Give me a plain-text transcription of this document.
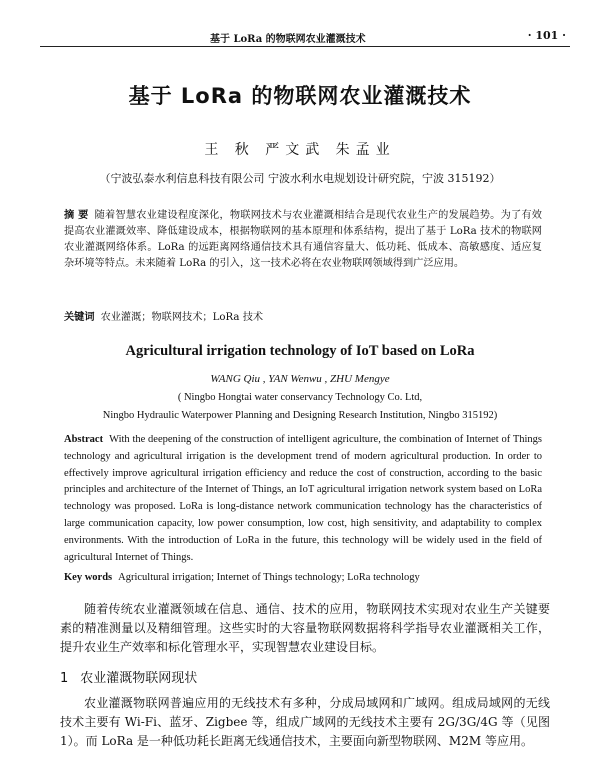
基于 LoRa 的物联网农业灌溉技术	· 101 ·
基于 LoRa 的物联网农业灌溉技术
王 秋 严文武 朱孟业
（宁波弘泰水利信息科技有限公司 宁波水利水电规划设计研究院，宁波 315192）
摘 要 随着智慧农业建设程度深化，物联网技术与农业灌溉相结合是现代农业生产的发展趋势。为了有效提高农业灌溉效率、降低建设成本，根据物联网的基本原理和体系结构，提出了基于 LoRa 技术的物联网农业灌溉网络体系。LoRa 的远距离网络通信技术具有通信容量大、低功耗、低成本、高敏感度、适应复杂环境等特点。未来随着 LoRa 的引入，这一技术必将在农业物联网领域得到广泛应用。
关键词 农业灌溉；物联网技术；LoRa 技术
Agricultural irrigation technology of IoT based on LoRa
WANG Qiu , YAN Wenwu , ZHU Mengye
( Ningbo Hongtai water conservancy Technology Co. Ltd,
Ningbo Hydraulic Waterpower Planning and Designing Research Institution, Ningbo 315192)
Abstract With the deepening of the construction of intelligent agriculture, the combination of Internet of Things technology and agricultural irrigation is the development trend of modern agricultural production. In order to effectively improve agricultural irrigation efficiency and reduce the cost of construction, according to the basic principles and architecture of the Internet of Things, an IoT agricultural irrigation network system based on LoRa technology was proposed. LoRa is long-distance network communication technology has the characteristics of large communication capacity, low power consumption, low cost, high sensitivity, and adaptability to complex environments. With the introduction of LoRa in the future, this technology will be widely used in the field of agricultural Internet of Things.
Key words Agricultural irrigation; Internet of Things technology; LoRa technology
随着传统农业灌溉领域在信息、通信、技术的应用，物联网技术实现对农业生产关键要素的精准测量以及精细管理。这些实时的大容量物联网数据将科学指导农业灌溉相关工作，提升农业生产效率和标化管理水平，实现智慧农业建设目标。
1 农业灌溉物联网现状
农业灌溉物联网普遍应用的无线技术有多种，分成局域网和广域网。组成局域网的无线技术主要有 Wi-Fi、蓝牙、Zigbee 等，组成广域网的无线技术主要有 2G/3G/4G 等（见图 1）。而 LoRa 是一种低功耗长距离无线通信技术，主要面向新型物联网、M2M 等应用。
